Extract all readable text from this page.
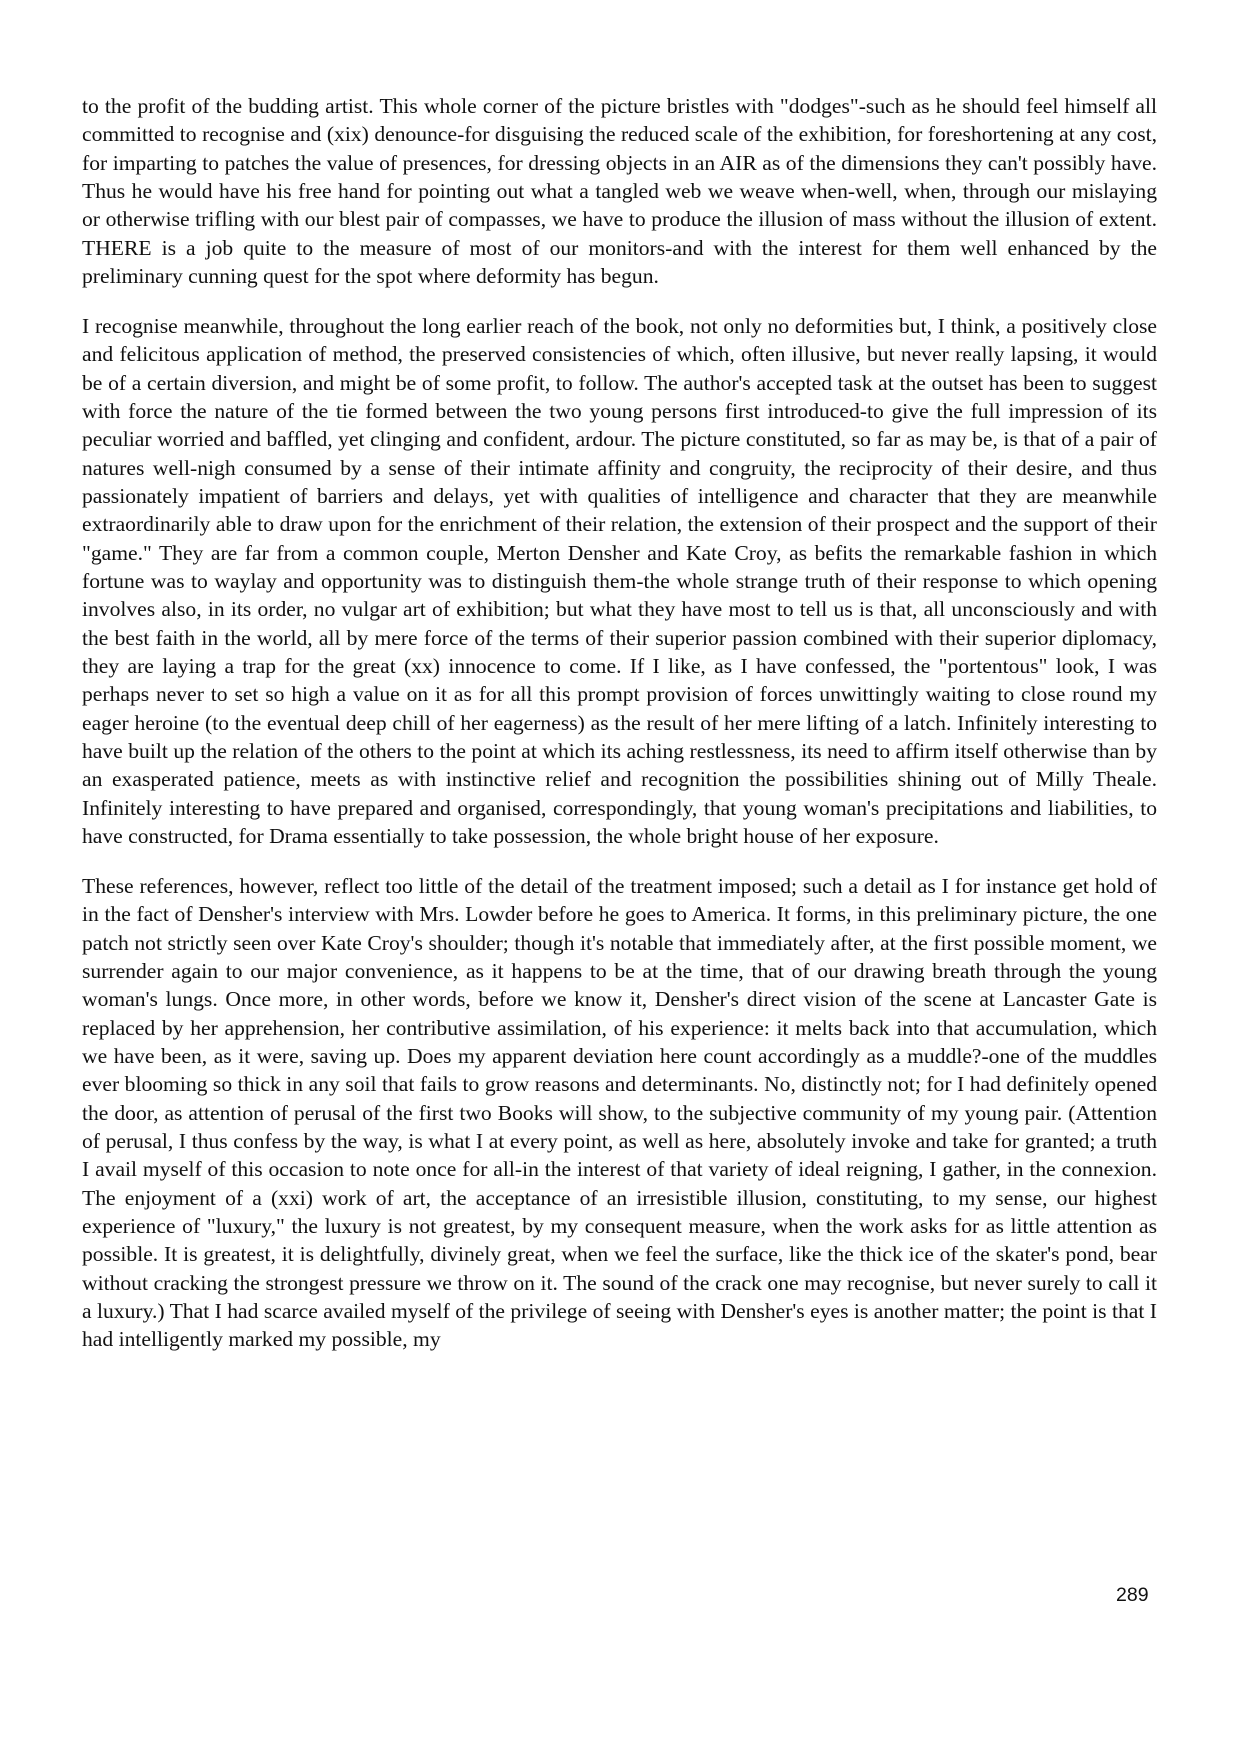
to the profit of the budding artist. This whole corner of the picture bristles with "dodges"-such as he should feel himself all committed to recognise and (xix) denounce-for disguising the reduced scale of the exhibition, for foreshortening at any cost, for imparting to patches the value of presences, for dressing objects in an AIR as of the dimensions they can't possibly have. Thus he would have his free hand for pointing out what a tangled web we weave when-well, when, through our mislaying or otherwise trifling with our blest pair of compasses, we have to produce the illusion of mass without the illusion of extent. THERE is a job quite to the measure of most of our monitors-and with the interest for them well enhanced by the preliminary cunning quest for the spot where deformity has begun.

I recognise meanwhile, throughout the long earlier reach of the book, not only no deformities but, I think, a positively close and felicitous application of method, the preserved consistencies of which, often illusive, but never really lapsing, it would be of a certain diversion, and might be of some profit, to follow. The author's accepted task at the outset has been to suggest with force the nature of the tie formed between the two young persons first introduced-to give the full impression of its peculiar worried and baffled, yet clinging and confident, ardour. The picture constituted, so far as may be, is that of a pair of natures well-nigh consumed by a sense of their intimate affinity and congruity, the reciprocity of their desire, and thus passionately impatient of barriers and delays, yet with qualities of intelligence and character that they are meanwhile extraordinarily able to draw upon for the enrichment of their relation, the extension of their prospect and the support of their "game." They are far from a common couple, Merton Densher and Kate Croy, as befits the remarkable fashion in which fortune was to waylay and opportunity was to distinguish them-the whole strange truth of their response to which opening involves also, in its order, no vulgar art of exhibition; but what they have most to tell us is that, all unconsciously and with the best faith in the world, all by mere force of the terms of their superior passion combined with their superior diplomacy, they are laying a trap for the great (xx) innocence to come. If I like, as I have confessed, the "portentous" look, I was perhaps never to set so high a value on it as for all this prompt provision of forces unwittingly waiting to close round my eager heroine (to the eventual deep chill of her eagerness) as the result of her mere lifting of a latch. Infinitely interesting to have built up the relation of the others to the point at which its aching restlessness, its need to affirm itself otherwise than by an exasperated patience, meets as with instinctive relief and recognition the possibilities shining out of Milly Theale. Infinitely interesting to have prepared and organised, correspondingly, that young woman's precipitations and liabilities, to have constructed, for Drama essentially to take possession, the whole bright house of her exposure.

These references, however, reflect too little of the detail of the treatment imposed; such a detail as I for instance get hold of in the fact of Densher's interview with Mrs. Lowder before he goes to America. It forms, in this preliminary picture, the one patch not strictly seen over Kate Croy's shoulder; though it's notable that immediately after, at the first possible moment, we surrender again to our major convenience, as it happens to be at the time, that of our drawing breath through the young woman's lungs. Once more, in other words, before we know it, Densher's direct vision of the scene at Lancaster Gate is replaced by her apprehension, her contributive assimilation, of his experience: it melts back into that accumulation, which we have been, as it were, saving up. Does my apparent deviation here count accordingly as a muddle?-one of the muddles ever blooming so thick in any soil that fails to grow reasons and determinants. No, distinctly not; for I had definitely opened the door, as attention of perusal of the first two Books will show, to the subjective community of my young pair. (Attention of perusal, I thus confess by the way, is what I at every point, as well as here, absolutely invoke and take for granted; a truth I avail myself of this occasion to note once for all-in the interest of that variety of ideal reigning, I gather, in the connexion. The enjoyment of a (xxi) work of art, the acceptance of an irresistible illusion, constituting, to my sense, our highest experience of "luxury," the luxury is not greatest, by my consequent measure, when the work asks for as little attention as possible. It is greatest, it is delightfully, divinely great, when we feel the surface, like the thick ice of the skater's pond, bear without cracking the strongest pressure we throw on it. The sound of the crack one may recognise, but never surely to call it a luxury.) That I had scarce availed myself of the privilege of seeing with Densher's eyes is another matter; the point is that I had intelligently marked my possible, my

289
